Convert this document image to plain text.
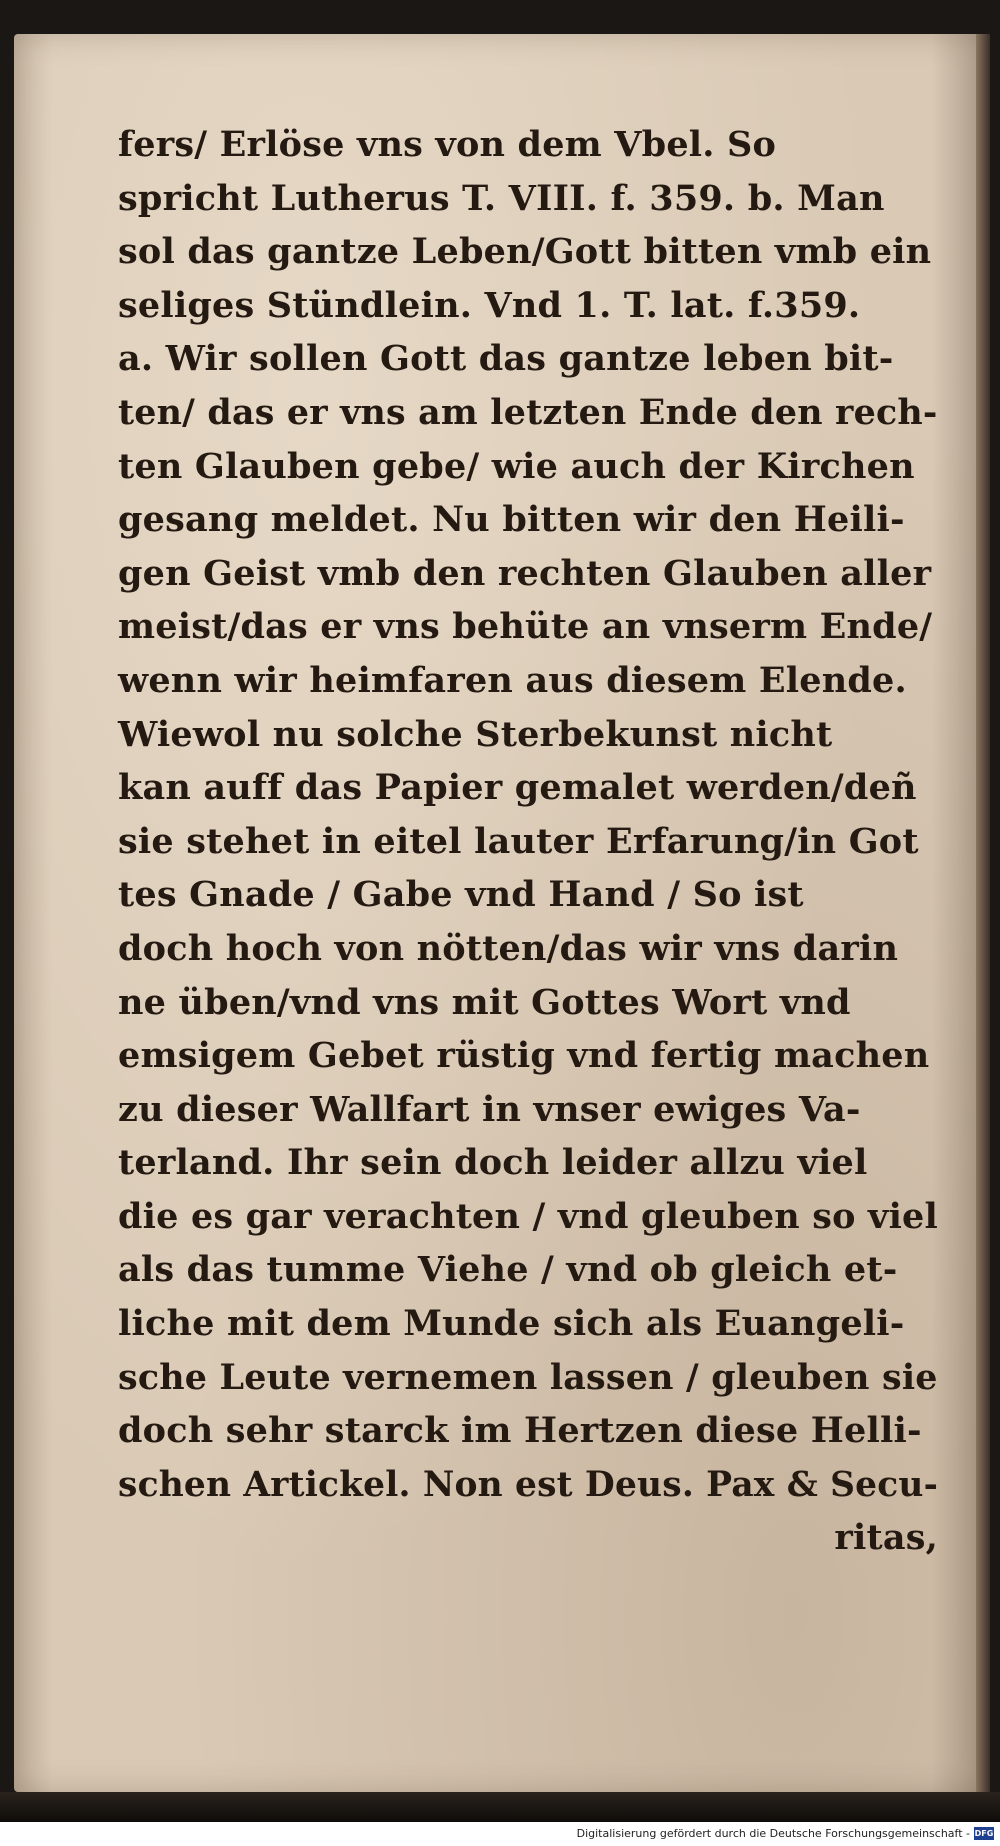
fers/ Erlöse vns von dem Vbel. So
spricht Lutherus T. VIII. f. 359. b. Man
sol das gantze Leben/Gott bitten vmb ein
seliges Stündlein. Vnd 1. T. lat. f.359.
a. Wir sollen Gott das gantze leben bit-
ten/ das er vns am letzten Ende den rech-
ten Glauben gebe/ wie auch der Kirchen
gesang meldet. Nu bitten wir den Heili-
gen Geist vmb den rechten Glauben aller
meist/das er vns behüte an vnserm Ende/
wenn wir heimfaren aus diesem Elende.
Wiewol nu solche Sterbekunst nicht
kan auff das Papier gemalet werden/deñ
sie stehet in eitel lauter Erfarung/in Got
tes Gnade / Gabe vnd Hand / So ist
doch hoch von nötten/das wir vns darin
ne üben/vnd vns mit Gottes Wort vnd
emsigem Gebet rüstig vnd fertig machen
zu dieser Wallfart in vnser ewiges Va-
terland. Ihr sein doch leider allzu viel
die es gar verachten / vnd gleuben so viel
als das tumme Viehe / vnd ob gleich et-
liche mit dem Munde sich als Euangeli-
sche Leute vernemen lassen / gleuben sie
doch sehr starck im Hertzen diese Helli-
schen Artickel. Non est Deus. Pax & Secu-
ritas,
Digitalisierung gefördert durch die Deutsche Forschungsgemeinschaft - DFG
